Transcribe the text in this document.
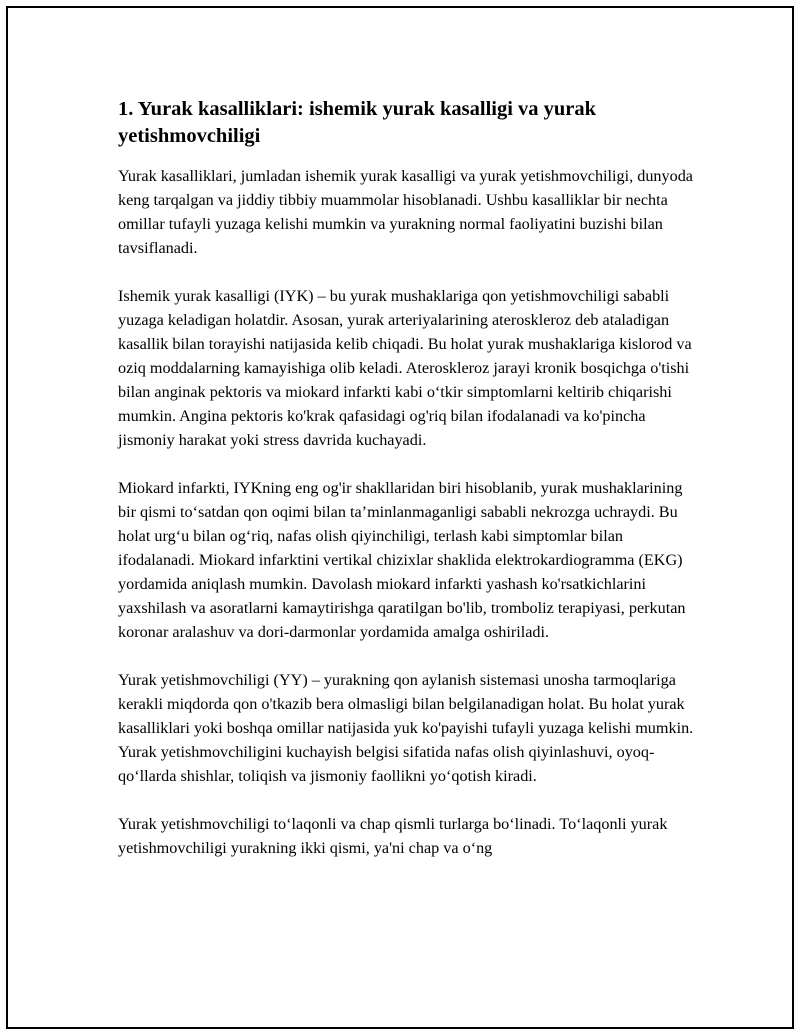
1. Yurak kasalliklari: ishemik yurak kasalligi va yurak yetishmovchiligi

Yurak kasalliklari, jumladan ishemik yurak kasalligi va yurak yetishmovchiligi, dunyoda keng tarqalgan va jiddiy tibbiy muammolar hisoblanadi. Ushbu kasalliklar bir nechta omillar tufayli yuzaga kelishi mumkin va yurakning normal faoliyatini buzishi bilan tavsiflanadi.

Ishemik yurak kasalligi (IYK) – bu yurak mushaklariga qon yetishmovchiligi sababli yuzaga keladigan holatdir. Asosan, yurak arteriyalarining ateroskleroz deb ataladigan kasallik bilan torayishi natijasida kelib chiqadi. Bu holat yurak mushaklariga kislorod va oziq moddalarning kamayishiga olib keladi. Ateroskleroz jarayi kronik bosqichga o'tishi bilan anginak pektoris va miokard infarkti kabi o‘tkir simptomlarni keltirib chiqarishi mumkin. Angina pektoris ko'krak qafasidagi og'riq bilan ifodalanadi va ko'pincha jismoniy harakat yoki stress davrida kuchayadi.

Miokard infarkti, IYKning eng og'ir shakllaridan biri hisoblanib, yurak mushaklarining bir qismi to‘satdan qon oqimi bilan ta’minlanmaganligi sababli nekrozga uchraydi. Bu holat urg‘u bilan og‘riq, nafas olish qiyinchiligi, terlash kabi simptomlar bilan ifodalanadi. Miokard infarktini vertikal chizixlar shaklida elektrokardiogramma (EKG) yordamida aniqlash mumkin. Davolash miokard infarkti yashash ko'rsatkichlarini yaxshilash va asoratlarni kamaytirishga qaratilgan bo'lib, tromboliz terapiyasi, perkutan koronar aralashuv va dori-darmonlar yordamida amalga oshiriladi.

Yurak yetishmovchiligi (YY) – yurakning qon aylanish sistemasi unosha tarmoqlariga kerakli miqdorda qon o'tkazib bera olmasligi bilan belgilanadigan holat. Bu holat yurak kasalliklari yoki boshqa omillar natijasida yuk ko'payishi tufayli yuzaga kelishi mumkin. Yurak yetishmovchiligini kuchayish belgisi sifatida nafas olish qiyinlashuvi, oyoq-qo‘llarda shishlar, toliqish va jismoniy faollikni yo‘qotish kiradi.

Yurak yetishmovchiligi to‘laqonli va chap qismli turlarga bo‘linadi. To‘laqonli yurak yetishmovchiligi yurakning ikki qismi, ya'ni chap va o‘ng
